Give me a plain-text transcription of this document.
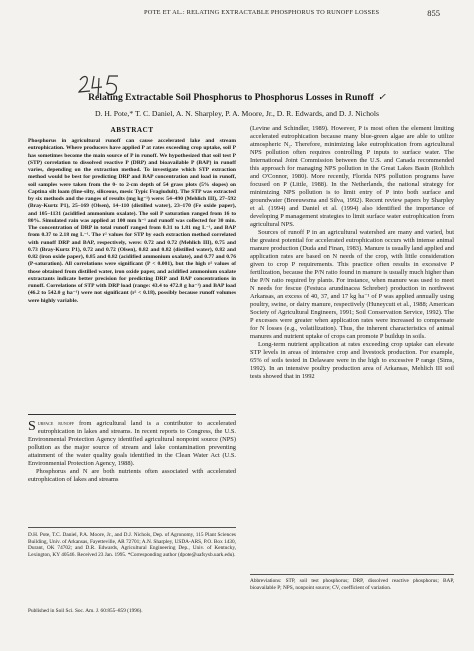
POTE ET AL.: RELATING EXTRACTABLE PHOSPHORUS TO RUNOFF LOSSES	855
Relating Extractable Soil Phosphorus to Phosphorus Losses in Runoff ✓
D. H. Pote,* T. C. Daniel, A. N. Sharpley, P. A. Moore, Jr., D. R. Edwards, and D. J. Nichols
ABSTRACT
Phosphorus in agricultural runoff can cause accelerated lake and stream eutrophication. Where producers have applied P at rates exceeding crop uptake, soil P has sometimes become the main source of P in runoff. We hypothesized that soil test P (STP) correlation to dissolved reactive P (DRP) and bioavailable P (BAP) in runoff varies, depending on the extraction method. To investigate which STP extraction method would be best for predicting DRP and BAP concentration and load in runoff, soil samples were taken from the 0- to 2-cm depth of 54 grass plots (5% slopes) on Captina silt loam (fine-silty, siliceous, mesic Typic Fragiudult). The STP was extracted by six methods and the ranges of results (mg kg⁻¹) were: 54–490 (Mehlich III), 27–592 (Bray-Kurtz P1), 25–169 (Olsen), 14–110 (distilled water), 23–170 (Fe oxide paper), and 105–1131 (acidified ammonium oxalate). The soil P saturation ranged from 16 to 80%. Simulated rain was applied at 100 mm h⁻¹ and runoff was collected for 30 min. The concentration of DRP in total runoff ranged from 0.31 to 1.81 mg L⁻¹, and BAP from 0.37 to 2.18 mg L⁻¹. The r² values for STP by each extraction method correlated with runoff DRP and BAP, respectively, were: 0.72 and 0.72 (Mehlich III), 0.75 and 0.73 (Bray-Kurtz P1), 0.72 and 0.72 (Olsen), 0.82 and 0.82 (distilled water), 0.82 and 0.82 (iron oxide paper), 0.85 and 0.82 (acidified ammonium oxalate), and 0.77 and 0.76 (P-saturation). All correlations were significant (P < 0.001), but the high r² values of those obtained from distilled water, iron oxide paper, and acidified ammonium oxalate extractants indicate better precision for predicting DRP and BAP concentrations in runoff. Correlations of STP with DRP load (range: 43.4 to 472.8 g ha⁻¹) and BAP load (46.2 to 542.0 g ha⁻¹) were not significant (r² < 0.18), possibly because runoff volumes were highly variable.
Surface runoff from agricultural land is a contributor to accelerated eutrophication in lakes and streams. In recent reports to Congress, the U.S. Environmental Protection Agency identified agricultural nonpoint source (NPS) pollution as the major source of stream and lake contamination preventing attainment of the water quality goals identified in the Clean Water Act (U.S. Environmental Protection Agency, 1988).
Phosphorus and N are both nutrients often associated with accelerated eutrophication of lakes and streams
D.H. Pote, T.C. Daniel, P.A. Moore, Jr., and D.J. Nichols, Dep. of Agronomy, 115 Plant Sciences Building, Univ. of Arkansas, Fayetteville, AR 72701; A.N. Sharpley, USDA-ARS, P.O. Box 1430, Durant, OK 74702; and D.R. Edwards, Agricultural Engineering Dep., Univ. of Kentucky, Lexington, KY 40546. Received 23 Jan. 1995. *Corresponding author (dpote@uafsysb.uark.edu).
Published in Soil Sci. Soc. Am. J. 60:855–859 (1996).

(Levine and Schindler, 1989). However, P is most often the element limiting accelerated eutrophication because many blue-green algae are able to utilize atmospheric N₂. Therefore, minimizing lake eutrophication from agricultural NPS pollution often requires controlling P inputs to surface water. The International Joint Commission between the U.S. and Canada recommended this approach for managing NPS pollution in the Great Lakes Basin (Rohlich and O'Connor, 1980). More recently, Florida NPS pollution programs have focused on P (Little, 1988). In the Netherlands, the national strategy for minimizing NPS pollution is to limit entry of P into both surface and groundwater (Breeuwsma and Silva, 1992). Recent review papers by Sharpley et al. (1994) and Daniel et al. (1994) also identified the importance of developing P management strategies to limit surface water eutrophication from agricultural NPS.

Sources of runoff P in an agricultural watershed are many and varied, but the greatest potential for accelerated eutrophication occurs with intense animal manure production (Duda and Finan, 1983). Manure is usually land applied and application rates are based on N needs of the crop, with little consideration given to crop P requirements. This practice often results in excessive P fertilization, because the P/N ratio found in manure is usually much higher than the P/N ratio required by plants. For instance, when manure was used to meet N needs for fescue (Festuca arundinacea Schreber) production in northwest Arkansas, an excess of 40, 37, and 17 kg ha⁻¹ of P was applied annually using poultry, swine, or dairy manure, respectively (Huneycutt et al., 1988; American Society of Agricultural Engineers, 1991; Soil Conservation Service, 1992). The P excesses were greater when application rates were increased to compensate for N losses (e.g., volatilization). Thus, the inherent characteristics of animal manures and nutrient uptake of crops can promote P buildup in soils.

Long-term nutrient application at rates exceeding crop uptake can elevate STP levels in areas of intensive crop and livestock production. For example, 65% of soils tested in Delaware were in the high to excessive P range (Sims, 1992). In an intensive poultry production area of Arkansas, Mehlich III soil tests showed that in 1992

Abbreviations: STP, soil test phosphorus; DRP, dissolved reactive phosphorus; BAP, bioavailable P; NPS, nonpoint source; CV, coefficient of variation.
